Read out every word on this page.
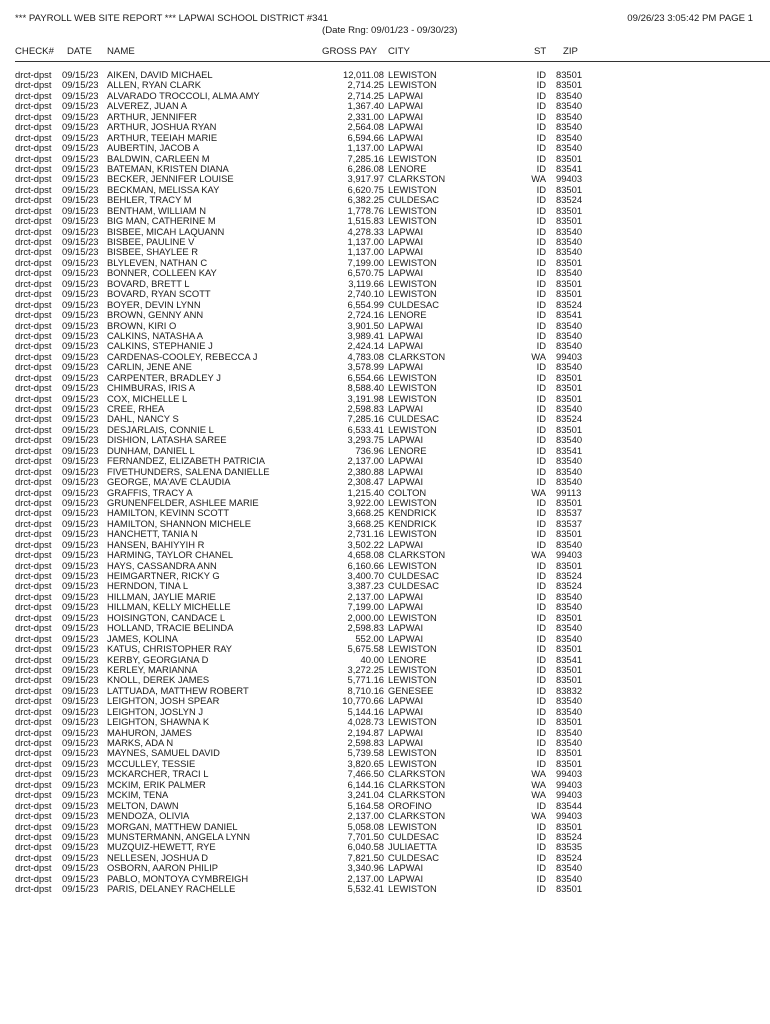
*** PAYROLL WEB SITE REPORT *** LAPWAI SCHOOL DISTRICT #341
(Date Rng: 09/01/23 - 09/30/23)
09/26/23 3:05:42 PM PAGE 1
CHECK# DATE NAME	GROSS PAY CITY	ST ZIP
drct-dpst 09/15/23 AIKEN, DAVID MICHAEL	12,011.08 LEWISTON	ID 83501
drct-dpst 09/15/23 ALLEN, RYAN CLARK	2,714.25 LEWISTON	ID 83501
drct-dpst 09/15/23 ALVARADO TROCCOLI, ALMA AMY	2,714.25 LAPWAI	ID 83540
drct-dpst 09/15/23 ALVEREZ, JUAN A	1,367.40 LAPWAI	ID 83540
drct-dpst 09/15/23 ARTHUR, JENNIFER	2,331.00 LAPWAI	ID 83540
drct-dpst 09/15/23 ARTHUR, JOSHUA RYAN	2,564.08 LAPWAI	ID 83540
drct-dpst 09/15/23 ARTHUR, TEEIAH MARIE	6,594.66 LAPWAI	ID 83540
drct-dpst 09/15/23 AUBERTIN, JACOB A	1,137.00 LAPWAI	ID 83540
drct-dpst 09/15/23 BALDWIN, CARLEEN M	7,285.16 LEWISTON	ID 83501
drct-dpst 09/15/23 BATEMAN, KRISTEN DIANA	6,286.08 LENORE	ID 83541
drct-dpst 09/15/23 BECKER, JENNIFER LOUISE	3,917.97 CLARKSTON	WA 99403
drct-dpst 09/15/23 BECKMAN, MELISSA KAY	6,620.75 LEWISTON	ID 83501
drct-dpst 09/15/23 BEHLER, TRACY M	6,382.25 CULDESAC	ID 83524
drct-dpst 09/15/23 BENTHAM, WILLIAM N	1,778.76 LEWISTON	ID 83501
drct-dpst 09/15/23 BIG MAN, CATHERINE M	1,515.83 LEWISTON	ID 83501
drct-dpst 09/15/23 BISBEE, MICAH LAQUANN	4,278.33 LAPWAI	ID 83540
drct-dpst 09/15/23 BISBEE, PAULINE V	1,137.00 LAPWAI	ID 83540
drct-dpst 09/15/23 BISBEE, SHAYLEE R	1,137.00 LAPWAI	ID 83540
drct-dpst 09/15/23 BLYLEVEN, NATHAN C	7,199.00 LEWISTON	ID 83501
drct-dpst 09/15/23 BONNER, COLLEEN KAY	6,570.75 LAPWAI	ID 83540
drct-dpst 09/15/23 BOVARD, BRETT L	3,119.66 LEWISTON	ID 83501
drct-dpst 09/15/23 BOVARD, RYAN SCOTT	2,740.10 LEWISTON	ID 83501
drct-dpst 09/15/23 BOYER, DEVIN LYNN	6,554.99 CULDESAC	ID 83524
drct-dpst 09/15/23 BROWN, GENNY ANN	2,724.16 LENORE	ID 83541
drct-dpst 09/15/23 BROWN, KIRI O	3,901.50 LAPWAI	ID 83540
drct-dpst 09/15/23 CALKINS, NATASHA A	3,989.41 LAPWAI	ID 83540
drct-dpst 09/15/23 CALKINS, STEPHANIE J	2,424.14 LAPWAI	ID 83540
drct-dpst 09/15/23 CARDENAS-COOLEY, REBECCA J	4,783.08 CLARKSTON	WA 99403
drct-dpst 09/15/23 CARLIN, JENE ANE	3,578.99 LAPWAI	ID 83540
drct-dpst 09/15/23 CARPENTER, BRADLEY J	6,554.66 LEWISTON	ID 83501
drct-dpst 09/15/23 CHIMBURAS, IRIS A	8,588.40 LEWISTON	ID 83501
drct-dpst 09/15/23 COX, MICHELLE L	3,191.98 LEWISTON	ID 83501
drct-dpst 09/15/23 CREE, RHEA	2,598.83 LAPWAI	ID 83540
drct-dpst 09/15/23 DAHL, NANCY S	7,285.16 CULDESAC	ID 83524
drct-dpst 09/15/23 DESJARLAIS, CONNIE L	6,533.41 LEWISTON	ID 83501
drct-dpst 09/15/23 DISHION, LATASHA SAREE	3,293.75 LAPWAI	ID 83540
drct-dpst 09/15/23 DUNHAM, DANIEL L	736.96 LENORE	ID 83541
drct-dpst 09/15/23 FERNANDEZ, ELIZABETH PATRICIA	2,137.00 LAPWAI	ID 83540
drct-dpst 09/15/23 FIVETHUNDERS, SALENA DANIELLE	2,380.88 LAPWAI	ID 83540
drct-dpst 09/15/23 GEORGE, MA'AVE CLAUDIA	2,308.47 LAPWAI	ID 83540
drct-dpst 09/15/23 GRAFFIS, TRACY A	1,215.40 COLTON	WA 99113
drct-dpst 09/15/23 GRUNENFELDER, ASHLEE MARIE	3,922.00 LEWISTON	ID 83501
drct-dpst 09/15/23 HAMILTON, KEVINN SCOTT	3,668.25 KENDRICK	ID 83537
drct-dpst 09/15/23 HAMILTON, SHANNON MICHELE	3,668.25 KENDRICK	ID 83537
drct-dpst 09/15/23 HANCHETT, TANIA N	2,731.16 LEWISTON	ID 83501
drct-dpst 09/15/23 HANSEN, BAHIYYIH R	3,502.22 LAPWAI	ID 83540
drct-dpst 09/15/23 HARMING, TAYLOR CHANEL	4,658.08 CLARKSTON	WA 99403
drct-dpst 09/15/23 HAYS, CASSANDRA ANN	6,160.66 LEWISTON	ID 83501
drct-dpst 09/15/23 HEIMGARTNER, RICKY G	3,400.70 CULDESAC	ID 83524
drct-dpst 09/15/23 HERNDON, TINA L	3,387.23 CULDESAC	ID 83524
drct-dpst 09/15/23 HILLMAN, JAYLIE MARIE	2,137.00 LAPWAI	ID 83540
drct-dpst 09/15/23 HILLMAN, KELLY MICHELLE	7,199.00 LAPWAI	ID 83540
drct-dpst 09/15/23 HOISINGTON, CANDACE L	2,000.00 LEWISTON	ID 83501
drct-dpst 09/15/23 HOLLAND, TRACIE BELINDA	2,598.83 LAPWAI	ID 83540
drct-dpst 09/15/23 JAMES, KOLINA	552.00 LAPWAI	ID 83540
drct-dpst 09/15/23 KATUS, CHRISTOPHER RAY	5,675.58 LEWISTON	ID 83501
drct-dpst 09/15/23 KERBY, GEORGIANA D	40.00 LENORE	ID 83541
drct-dpst 09/15/23 KERLEY, MARIANNA	3,272.25 LEWISTON	ID 83501
drct-dpst 09/15/23 KNOLL, DEREK JAMES	5,771.16 LEWISTON	ID 83501
drct-dpst 09/15/23 LATTUADA, MATTHEW ROBERT	8,710.16 GENESEE	ID 83832
drct-dpst 09/15/23 LEIGHTON, JOSH SPEAR	10,770.66 LAPWAI	ID 83540
drct-dpst 09/15/23 LEIGHTON, JOSLYN J	5,144.16 LAPWAI	ID 83540
drct-dpst 09/15/23 LEIGHTON, SHAWNA K	4,028.73 LEWISTON	ID 83501
drct-dpst 09/15/23 MAHURON, JAMES	2,194.87 LAPWAI	ID 83540
drct-dpst 09/15/23 MARKS, ADA N	2,598.83 LAPWAI	ID 83540
drct-dpst 09/15/23 MAYNES, SAMUEL DAVID	5,739.58 LEWISTON	ID 83501
drct-dpst 09/15/23 MCCULLEY, TESSIE	3,820.65 LEWISTON	ID 83501
drct-dpst 09/15/23 MCKARCHER, TRACI L	7,466.50 CLARKSTON	WA 99403
drct-dpst 09/15/23 MCKIM, ERIK PALMER	6,144.16 CLARKSTON	WA 99403
drct-dpst 09/15/23 MCKIM, TENA	3,241.04 CLARKSTON	WA 99403
drct-dpst 09/15/23 MELTON, DAWN	5,164.58 OROFINO	ID 83544
drct-dpst 09/15/23 MENDOZA, OLIVIA	2,137.00 CLARKSTON	WA 99403
drct-dpst 09/15/23 MORGAN, MATTHEW DANIEL	5,058.08 LEWISTON	ID 83501
drct-dpst 09/15/23 MUNSTERMANN, ANGELA LYNN	7,701.50 CULDESAC	ID 83524
drct-dpst 09/15/23 MUZQUIZ-HEWETT, RYE	6,040.58 JULIAETTA	ID 83535
drct-dpst 09/15/23 NELLESEN, JOSHUA D	7,821.50 CULDESAC	ID 83524
drct-dpst 09/15/23 OSBORN, AARON PHILIP	3,340.96 LAPWAI	ID 83540
drct-dpst 09/15/23 PABLO, MONTOYA CYMBREIGH	2,137.00 LAPWAI	ID 83540
drct-dpst 09/15/23 PARIS, DELANEY RACHELLE	5,532.41 LEWISTON	ID 83501
